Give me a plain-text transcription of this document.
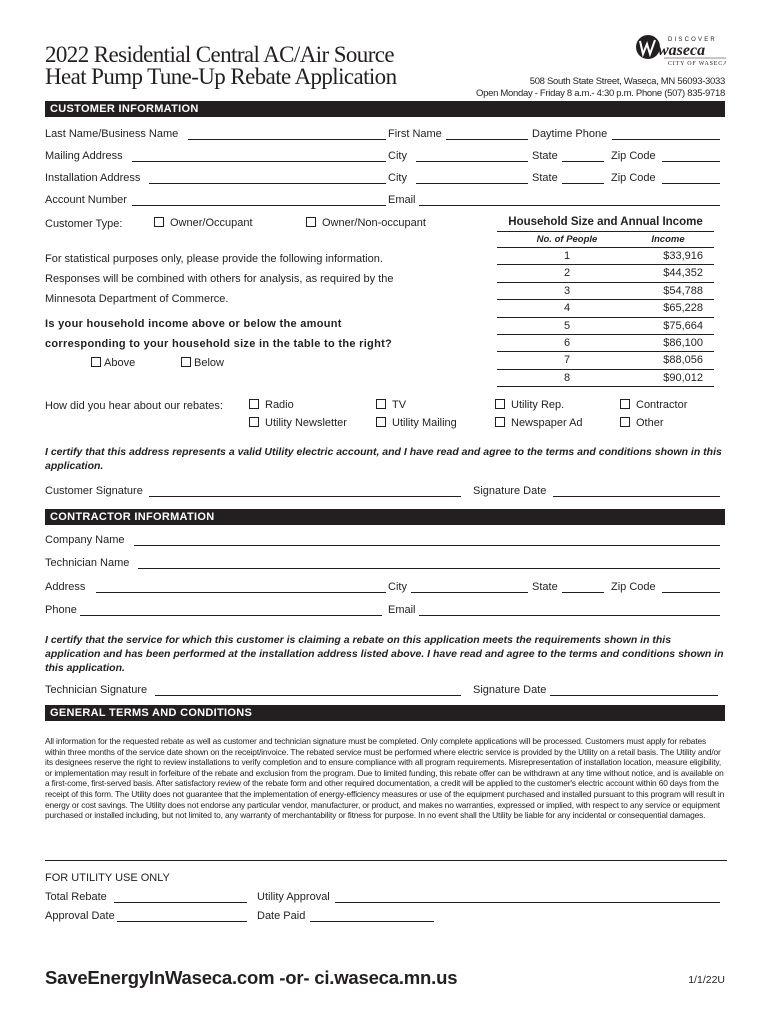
2022 Residential Central AC/Air Source
Heat Pump Tune-Up Rebate Application
DISCOVER
waseca
CITY OF WASECA
508 South State Street, Waseca, MN 56093-3033
Open Monday - Friday 8 a.m.- 4:30 p.m. Phone (507) 835-9718
CUSTOMER INFORMATION
Last Name/Business Name	First Name	Daytime Phone
Mailing Address	City	State	Zip Code
Installation Address	City	State	Zip Code
Account Number	Email
Customer Type:	Owner/Occupant	Owner/Non-occupant	Household Size and Annual Income
No. of People	Income
1	$33,916
2	$44,352
3	$54,788
4	$65,228
5	$75,664
6	$86,100
7	$88,056
8	$90,012
For statistical purposes only, please provide the following information.
Responses will be combined with others for analysis, as required by the
Minnesota Department of Commerce.
Is your household income above or below the amount
corresponding to your household size in the table to the right?
Above	Below
How did you hear about our rebates:	Radio	TV	Utility Rep.	Contractor
Utility Newsletter	Utility Mailing	Newspaper Ad	Other
I certify that this address represents a valid Utility electric account, and I have read and agree to the terms and conditions shown in this application.
Customer Signature	Signature Date
CONTRACTOR INFORMATION
Company Name
Technician Name
Address	City	State	Zip Code
Phone	Email
I certify that the service for which this customer is claiming a rebate on this application meets the requirements shown in this application and has been performed at the installation address listed above. I have read and agree to the terms and conditions shown in this application.
Technician Signature	Signature Date
GENERAL TERMS AND CONDITIONS
All information for the requested rebate as well as customer and technician signature must be completed. Only complete applications will be processed. Customers must apply for rebates within three months of the service date shown on the receipt/invoice. The rebated service must be performed where electric service is provided by the Utility on a retail basis. The Utility and/or its designees reserve the right to review installations to verify completion and to ensure compliance with all program requirements. Misrepresentation of installation location, measure eligibility, or implementation may result in forfeiture of the rebate and exclusion from the program. Due to limited funding, this rebate offer can be withdrawn at any time without notice, and is available on a first-come, first-served basis. After satisfactory review of the rebate form and other required documentation, a credit will be applied to the customer's electric account within 60 days from the receipt of this form. The Utility does not guarantee that the implementation of energy-efficiency measures or use of the equipment purchased and installed pursuant to this program will result in energy or cost savings. The Utility does not endorse any particular vendor, manufacturer, or product, and makes no warranties, expressed or implied, with respect to any service or equipment purchased or installed including, but not limited to, any warranty of merchantability or fitness for purpose. In no event shall the Utility be liable for any incidental or consequential damages.
FOR UTILITY USE ONLY
Total Rebate	Utility Approval
Approval Date	Date Paid
SaveEnergyInWaseca.com -or- ci.waseca.mn.us	1/1/22U
